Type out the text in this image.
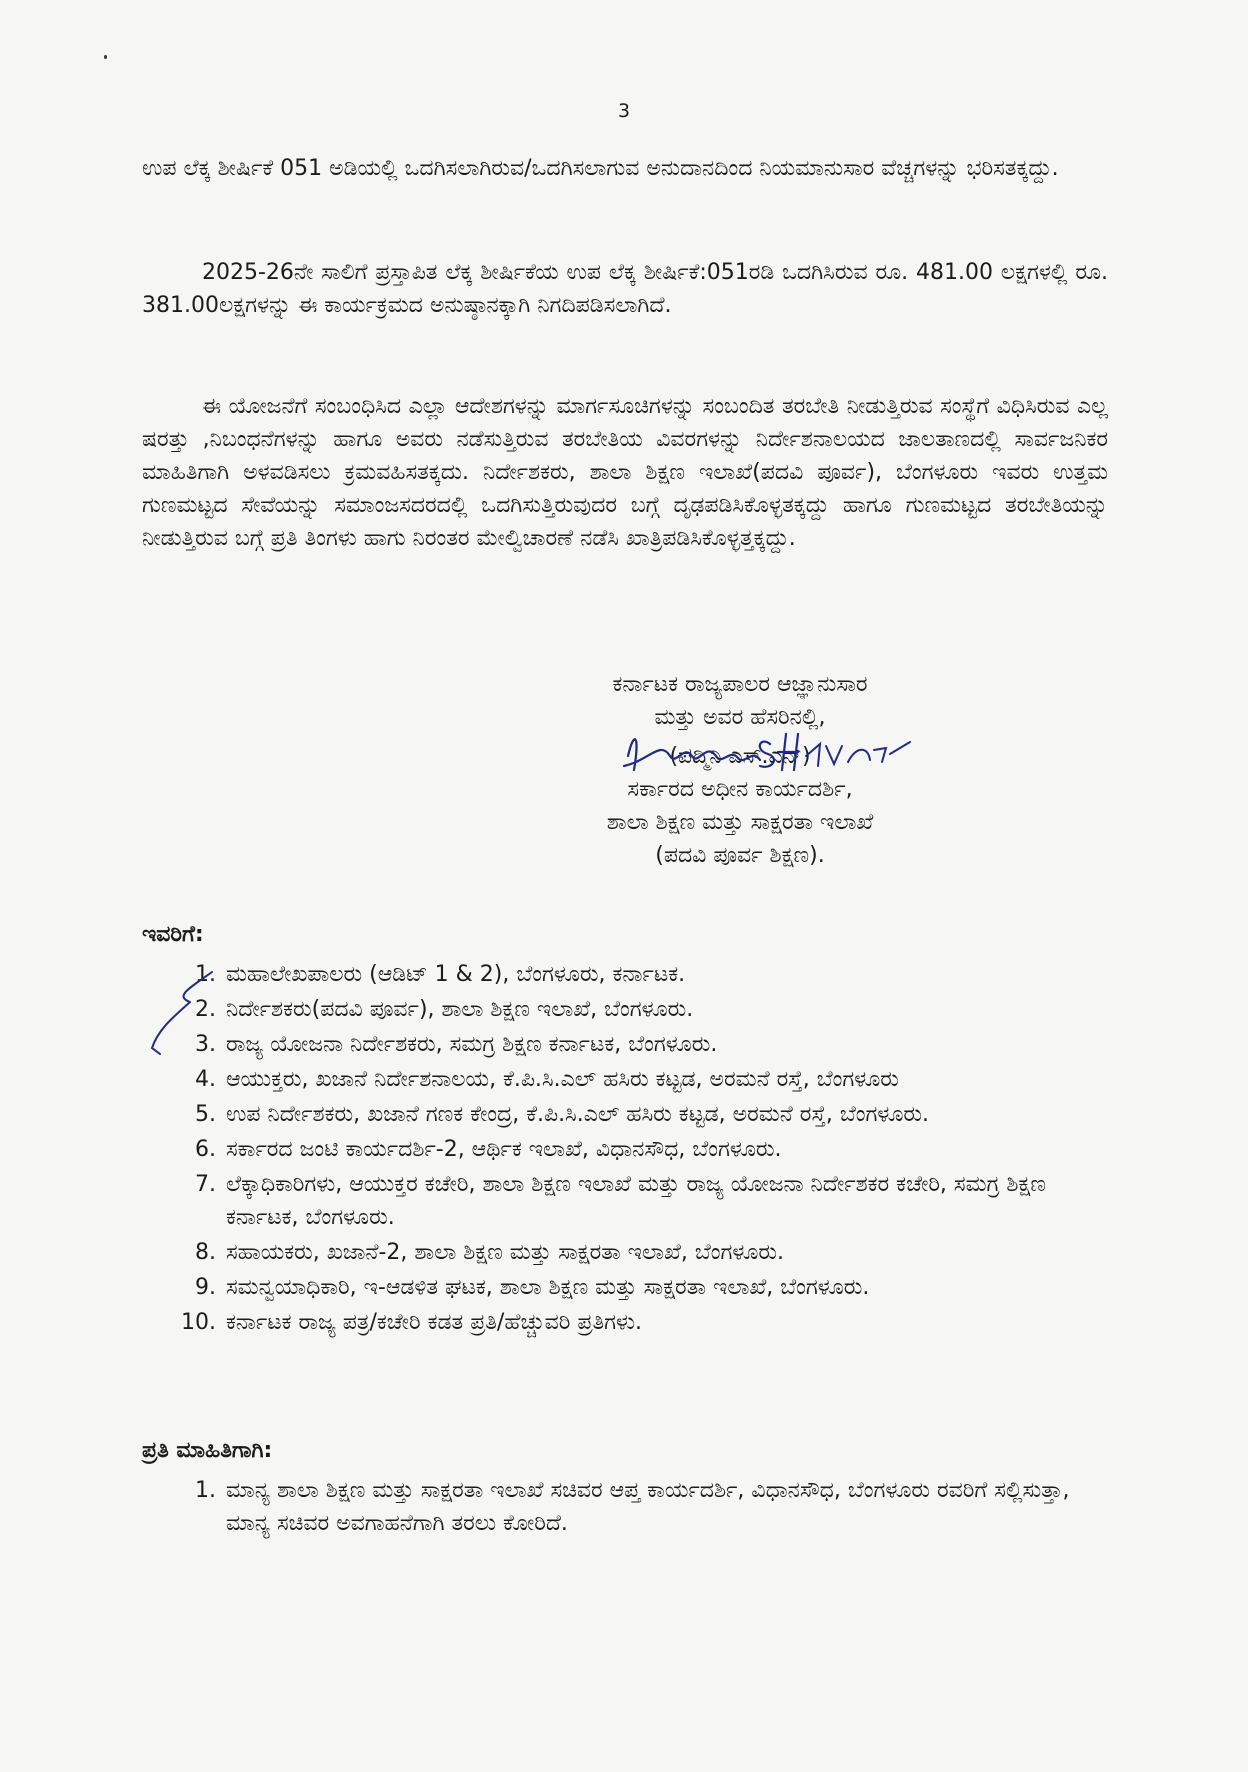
3

ಉಪ ಲೆಕ್ಕ ಶೀರ್ಷಿಕೆ 051 ಅಡಿಯಲ್ಲಿ ಒದಗಿಸಲಾಗಿರುವ/ಒದಗಿಸಲಾಗುವ ಅನುದಾನದಿಂದ ನಿಯಮಾನುಸಾರ ವೆಚ್ಚಗಳನ್ನು ಭರಿಸತಕ್ಕದ್ದು.

2025-26ನೇ ಸಾಲಿಗೆ ಪ್ರಸ್ತಾಪಿತ ಲೆಕ್ಕ ಶೀರ್ಷಿಕೆಯ ಉಪ ಲೆಕ್ಕ ಶೀರ್ಷಿಕೆ:051ರಡಿ ಒದಗಿಸಿರುವ ರೂ. 481.00 ಲಕ್ಷಗಳಲ್ಲಿ ರೂ. 381.00ಲಕ್ಷಗಳನ್ನು ಈ ಕಾರ್ಯಕ್ರಮದ ಅನುಷ್ಠಾನಕ್ಕಾಗಿ ನಿಗದಿಪಡಿಸಲಾಗಿದೆ.

ಈ ಯೋಜನೆಗೆ ಸಂಬಂಧಿಸಿದ ಎಲ್ಲಾ ಆದೇಶಗಳನ್ನು ಮಾರ್ಗಸೂಚಿಗಳನ್ನು ಸಂಬಂದಿತ ತರಬೇತಿ ನೀಡುತ್ತಿರುವ ಸಂಸ್ಥೆಗೆ ವಿಧಿಸಿರುವ ಎಲ್ಲ ಷರತ್ತು ,ನಿಬಂಧನೆಗಳನ್ನು ಹಾಗೂ ಅವರು ನಡೆಸುತ್ತಿರುವ ತರಬೇತಿಯ ವಿವರಗಳನ್ನು ನಿರ್ದೇಶನಾಲಯದ ಜಾಲತಾಣದಲ್ಲಿ ಸಾರ್ವಜನಿಕರ ಮಾಹಿತಿಗಾಗಿ ಅಳವಡಿಸಲು ಕ್ರಮವಹಿಸತಕ್ಕದು. ನಿರ್ದೇಶಕರು, ಶಾಲಾ ಶಿಕ್ಷಣ ಇಲಾಖೆ(ಪದವಿ ಪೂರ್ವ), ಬೆಂಗಳೂರು ಇವರು ಉತ್ತಮ ಗುಣಮಟ್ಟದ ಸೇವೆಯನ್ನು ಸಮಾಂಜಸದರದಲ್ಲಿ ಒದಗಿಸುತ್ತಿರುವುದರ ಬಗ್ಗೆ ದೃಢಪಡಿಸಿಕೊಳ್ಳತಕ್ಕದ್ದು ಹಾಗೂ ಗುಣಮಟ್ಟದ ತರಬೇತಿಯನ್ನು ನೀಡುತ್ತಿರುವ ಬಗ್ಗೆ ಪ್ರತಿ ತಿಂಗಳು ಹಾಗು ನಿರಂತರ ಮೇಲ್ವಿಚಾರಣೆ ನಡೆಸಿ ಖಾತ್ರಿಪಡಿಸಿಕೊಳ್ಳತ್ತಕ್ಕದ್ದು.

ಕರ್ನಾಟಕ ರಾಜ್ಯಪಾಲರ ಆಜ್ಞಾನುಸಾರ
ಮತ್ತು ಅವರ ಹೆಸರಿನಲ್ಲಿ,
(ಪದ್ಮಿನಿ ಎಸ್.ಎನ್)
ಸರ್ಕಾರದ ಅಧೀನ ಕಾರ್ಯದರ್ಶಿ,
ಶಾಲಾ ಶಿಕ್ಷಣ ಮತ್ತು ಸಾಕ್ಷರತಾ ಇಲಾಖೆ
(ಪದವಿ ಪೂರ್ವ ಶಿಕ್ಷಣ).

ಇವರಿಗೆ:

1. ಮಹಾಲೇಖಪಾಲರು (ಆಡಿಟ್ 1 & 2), ಬೆಂಗಳೂರು, ಕರ್ನಾಟಕ.
2. ನಿರ್ದೇಶಕರು(ಪದವಿ ಪೂರ್ವ), ಶಾಲಾ ಶಿಕ್ಷಣ ಇಲಾಖೆ, ಬೆಂಗಳೂರು.
3. ರಾಜ್ಯ ಯೋಜನಾ ನಿರ್ದೇಶಕರು, ಸಮಗ್ರ ಶಿಕ್ಷಣ ಕರ್ನಾಟಕ, ಬೆಂಗಳೂರು.
4. ಆಯುಕ್ತರು, ಖಜಾನೆ ನಿರ್ದೇಶನಾಲಯ, ಕೆ.ಪಿ.ಸಿ.ಎಲ್ ಹಸಿರು ಕಟ್ಟಡ, ಅರಮನೆ ರಸ್ತೆ, ಬೆಂಗಳೂರು
5. ಉಪ ನಿರ್ದೇಶಕರು, ಖಜಾನೆ ಗಣಕ ಕೇಂದ್ರ, ಕೆ.ಪಿ.ಸಿ.ಎಲ್ ಹಸಿರು ಕಟ್ಟಡ, ಅರಮನೆ ರಸ್ತೆ, ಬೆಂಗಳೂರು.
6. ಸರ್ಕಾರದ ಜಂಟಿ ಕಾರ್ಯದರ್ಶಿ-2, ಆರ್ಥಿಕ ಇಲಾಖೆ, ವಿಧಾನಸೌಧ, ಬೆಂಗಳೂರು.
7. ಲೆಕ್ಕಾಧಿಕಾರಿಗಳು, ಆಯುಕ್ತರ ಕಚೇರಿ, ಶಾಲಾ ಶಿಕ್ಷಣ ಇಲಾಖೆ ಮತ್ತು ರಾಜ್ಯ ಯೋಜನಾ ನಿರ್ದೇಶಕರ ಕಚೇರಿ, ಸಮಗ್ರ ಶಿಕ್ಷಣ ಕರ್ನಾಟಕ, ಬೆಂಗಳೂರು.
8. ಸಹಾಯಕರು, ಖಜಾನೆ-2, ಶಾಲಾ ಶಿಕ್ಷಣ ಮತ್ತು ಸಾಕ್ಷರತಾ ಇಲಾಖೆ, ಬೆಂಗಳೂರು.
9. ಸಮನ್ವಯಾಧಿಕಾರಿ, ಇ-ಆಡಳಿತ ಘಟಕ, ಶಾಲಾ ಶಿಕ್ಷಣ ಮತ್ತು ಸಾಕ್ಷರತಾ ಇಲಾಖೆ, ಬೆಂಗಳೂರು.
10. ಕರ್ನಾಟಕ ರಾಜ್ಯ ಪತ್ರ/ಕಚೇರಿ ಕಡತ ಪ್ರತಿ/ಹೆಚ್ಚುವರಿ ಪ್ರತಿಗಳು.

ಪ್ರತಿ ಮಾಹಿತಿಗಾಗಿ:

1. ಮಾನ್ಯ ಶಾಲಾ ಶಿಕ್ಷಣ ಮತ್ತು ಸಾಕ್ಷರತಾ ಇಲಾಖೆ ಸಚಿವರ ಆಪ್ತ ಕಾರ್ಯದರ್ಶಿ, ವಿಧಾನಸೌಧ, ಬೆಂಗಳೂರು ರವರಿಗೆ ಸಲ್ಲಿಸುತ್ತಾ, ಮಾನ್ಯ ಸಚಿವರ ಅವಗಾಹನೆಗಾಗಿ ತರಲು ಕೋರಿದೆ.
